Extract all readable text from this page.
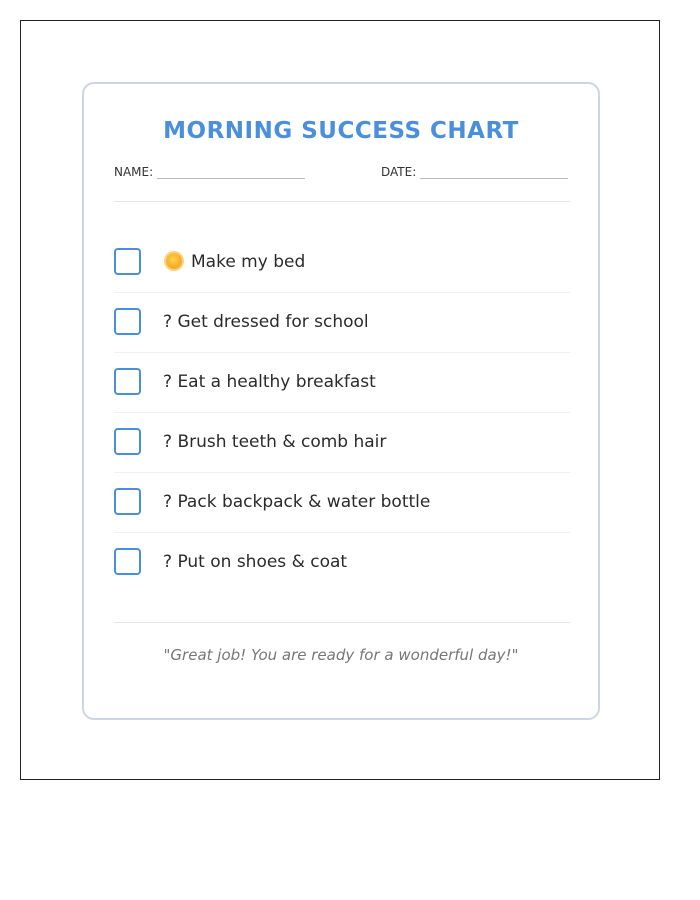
MORNING SUCCESS CHART
NAME:	DATE:
Make my bed
? Get dressed for school
? Eat a healthy breakfast
? Brush teeth & comb hair
? Pack backpack & water bottle
? Put on shoes & coat
"Great job! You are ready for a wonderful day!"
